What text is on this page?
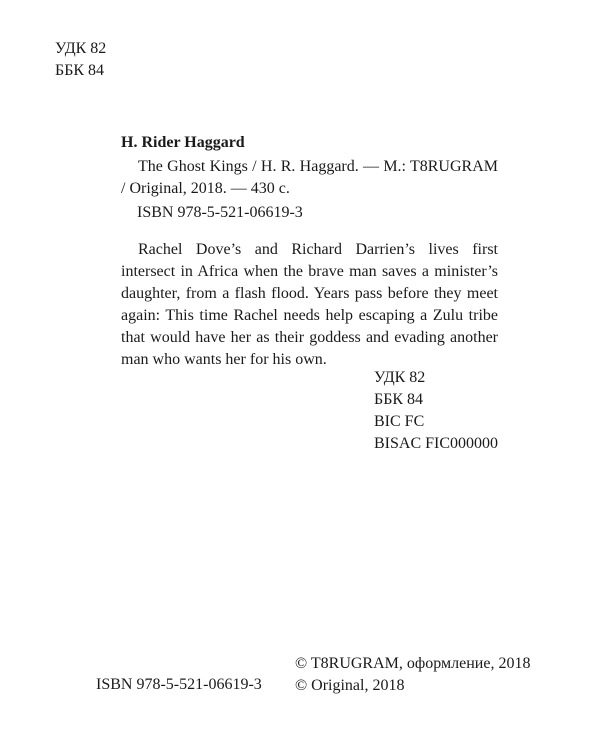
УДК 82
ББК 84
H. Rider Haggard
The Ghost Kings / H. R. Haggard. — M.: T8RUGRAM / Original, 2018. — 430 с.
ISBN 978-5-521-06619-3
Rachel Dove’s and Richard Darrien’s lives first intersect in Africa when the brave man saves a minister’s daughter, from a flash flood. Years pass before they meet again: This time Rachel needs help escaping a Zulu tribe that would have her as their goddess and evading another man who wants her for his own.
УДК 82
ББК 84
BIC FC
BISAC FIC000000
ISBN 978-5-521-06619-3
© T8RUGRAM, оформление, 2018
© Original, 2018
